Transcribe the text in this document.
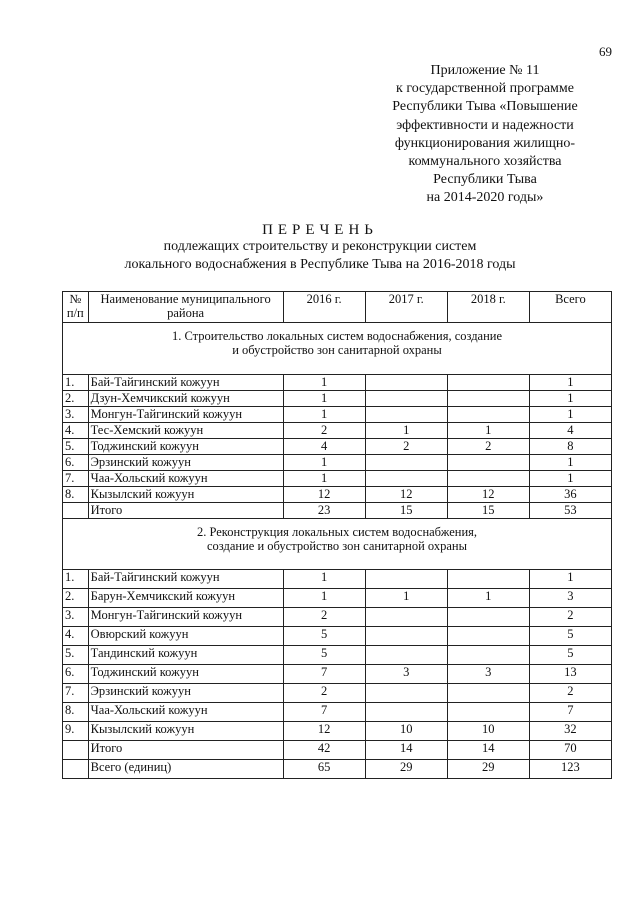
69
Приложение № 11
к государственной программе
Республики Тыва «Повышение
эффективности и надежности
функционирования жилищно-
коммунального хозяйства
Республики Тыва
на 2014-2020 годы»
ПЕРЕЧЕНЬ
подлежащих строительству и реконструкции систем
локального водоснабжения в Республике Тыва на 2016-2018 годы
№ п/п	Наименование муниципального района	2016 г.	2017 г.	2018 г.	Всего

1. Строительство локальных систем водоснабжения, создание
и обустройство зон санитарной охраны					

1.	Бай-Тайгинский кожуун	1			1
2.	Дзун-Хемчикский кожуун	1			1
3.	Монгун-Тайгинский кожуун	1			1
4.	Тес-Хемский кожуун	2	1	1	4
5.	Тоджинский кожуун	4	2	2	8
6.	Эрзинский кожуун	1			1
7.	Чаа-Хольский кожуун	1			1
8.	Кызылский кожуун	12	12	12	36
	Итого	23	15	15	53

2. Реконструкция локальных систем водоснабжения,
создание и обустройство зон санитарной охраны					

1.	Бай-Тайгинский кожуун	1			1
2.	Барун-Хемчикский кожуун	1	1	1	3
3.	Монгун-Тайгинский кожуун	2			2
4.	Овюрский кожуун	5			5
5.	Тандинский кожуун	5			5
6.	Тоджинский кожуун	7	3	3	13
7.	Эрзинский кожуун	2			2
8.	Чаа-Хольский кожуун	7			7
9.	Кызылский кожуун	12	10	10	32
	Итого	42	14	14	70
	Всего (единиц)	65	29	29	123
